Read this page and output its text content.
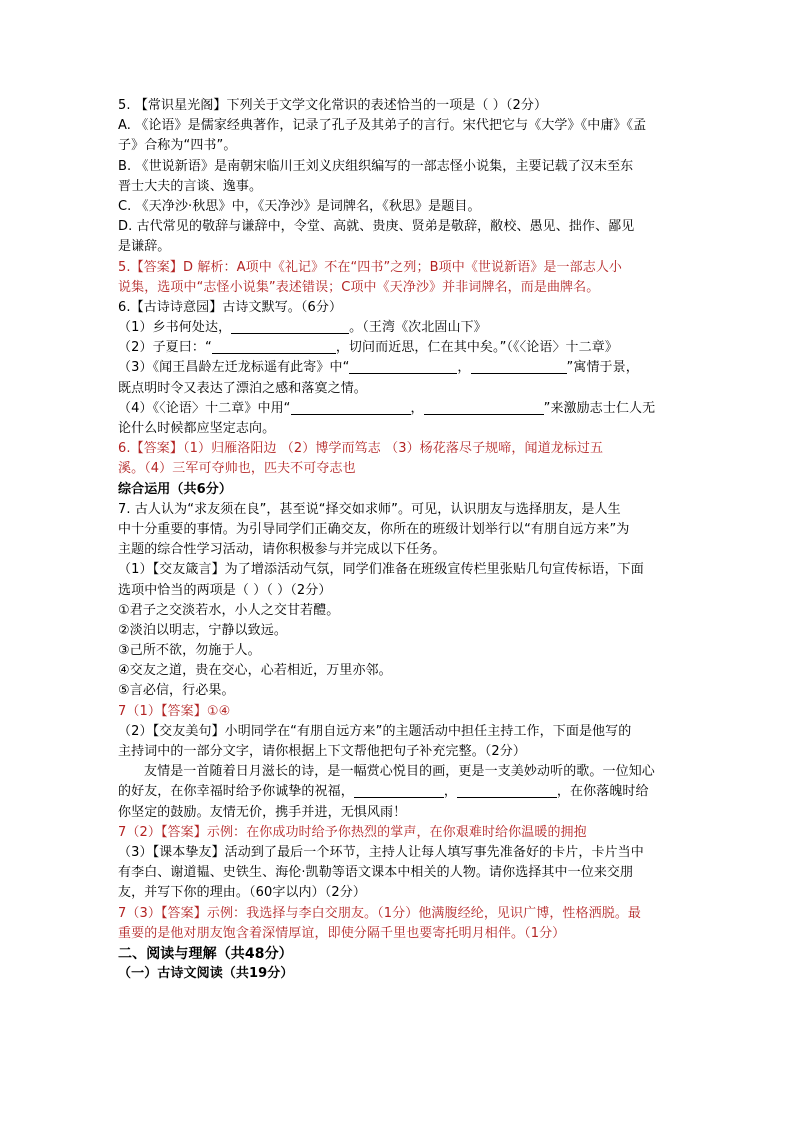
5. 【常识星光阁】下列关于文学文化常识的表述恰当的一项是（ ）（2分）
A. 《论语》是儒家经典著作，记录了孔子及其弟子的言行。宋代把它与《大学》《中庸》《孟
子》合称为“四书”。
B. 《世说新语》是南朝宋临川王刘义庆组织编写的一部志怪小说集，主要记载了汉末至东
晋士大夫的言谈、逸事。
C. 《天净沙·秋思》中，《天净沙》是词牌名，《秋思》是题目。
D. 古代常见的敬辞与谦辞中，令堂、高就、贵庚、贤弟是敬辞，敝校、愚见、拙作、鄙见
是谦辞。
5.【答案】D 解析：A项中《礼记》不在“四书”之列；B项中《世说新语》是一部志人小
说集，选项中“志怪小说集”表述错误；C项中《天净沙》并非词牌名，而是曲牌名。
6.【古诗诗意园】古诗文默写。（6分）
（1）乡书何处达，	。（王湾《次北固山下》
（2）子夏曰：“	，切问而近思，仁在其中矣。”（《〈论语〉十二章》
（3）《闻王昌龄左迁龙标遥有此寄》中“	，	”寓情于景，
既点明时令又表达了漂泊之感和落寞之情。
（4）《〈论语〉十二章》中用“	，	”来激励志士仁人无
论什么时候都应坚定志向。
6.【答案】（1）归雁洛阳边 （2）博学而笃志 （3）杨花落尽子规啼，闻道龙标过五
溪。（4）三军可夺帅也，匹夫不可夺志也
综合运用（共6分）
7. 古人认为“求友须在良”，甚至说“择交如求师”。可见，认识朋友与选择朋友，是人生
中十分重要的事情。为引导同学们正确交友，你所在的班级计划举行以“有朋自远方来”为
主题的综合性学习活动，请你积极参与并完成以下任务。
（1）【交友箴言】为了增添活动气氛，同学们准备在班级宣传栏里张贴几句宣传标语，下面
选项中恰当的两项是（ ）（ ）（2分）
①君子之交淡若水，小人之交甘若醴。
②淡泊以明志，宁静以致远。
③己所不欲，勿施于人。
④交友之道，贵在交心，心若相近，万里亦邻。
⑤言必信，行必果。
7（1）【答案】①④
（2）【交友美句】小明同学在“有朋自远方来”的主题活动中担任主持工作，下面是他写的
主持词中的一部分文字，请你根据上下文帮他把句子补充完整。（2分）
友情是一首随着日月滋长的诗，是一幅赏心悦目的画，更是一支美妙动听的歌。一位知心
的好友，在你幸福时给予你诚挚的祝福，	，	，在你落魄时给
你坚定的鼓励。友情无价，携手并进，无惧风雨！
7（2）【答案】示例：在你成功时给予你热烈的掌声，在你艰难时给你温暖的拥抱
（3）【课本挚友】活动到了最后一个环节，主持人让每人填写事先准备好的卡片，卡片当中
有李白、谢道韫、史铁生、海伦·凯勒等语文课本中相关的人物。请你选择其中一位来交朋
友，并写下你的理由。（60字以内）（2分）
7（3）【答案】示例：我选择与李白交朋友。（1分）他满腹经纶，见识广博，性格洒脱。最
重要的是他对朋友饱含着深情厚谊，即使分隔千里也要寄托明月相伴。（1分）
二、阅读与理解（共48分）
（一）古诗文阅读（共19分）
